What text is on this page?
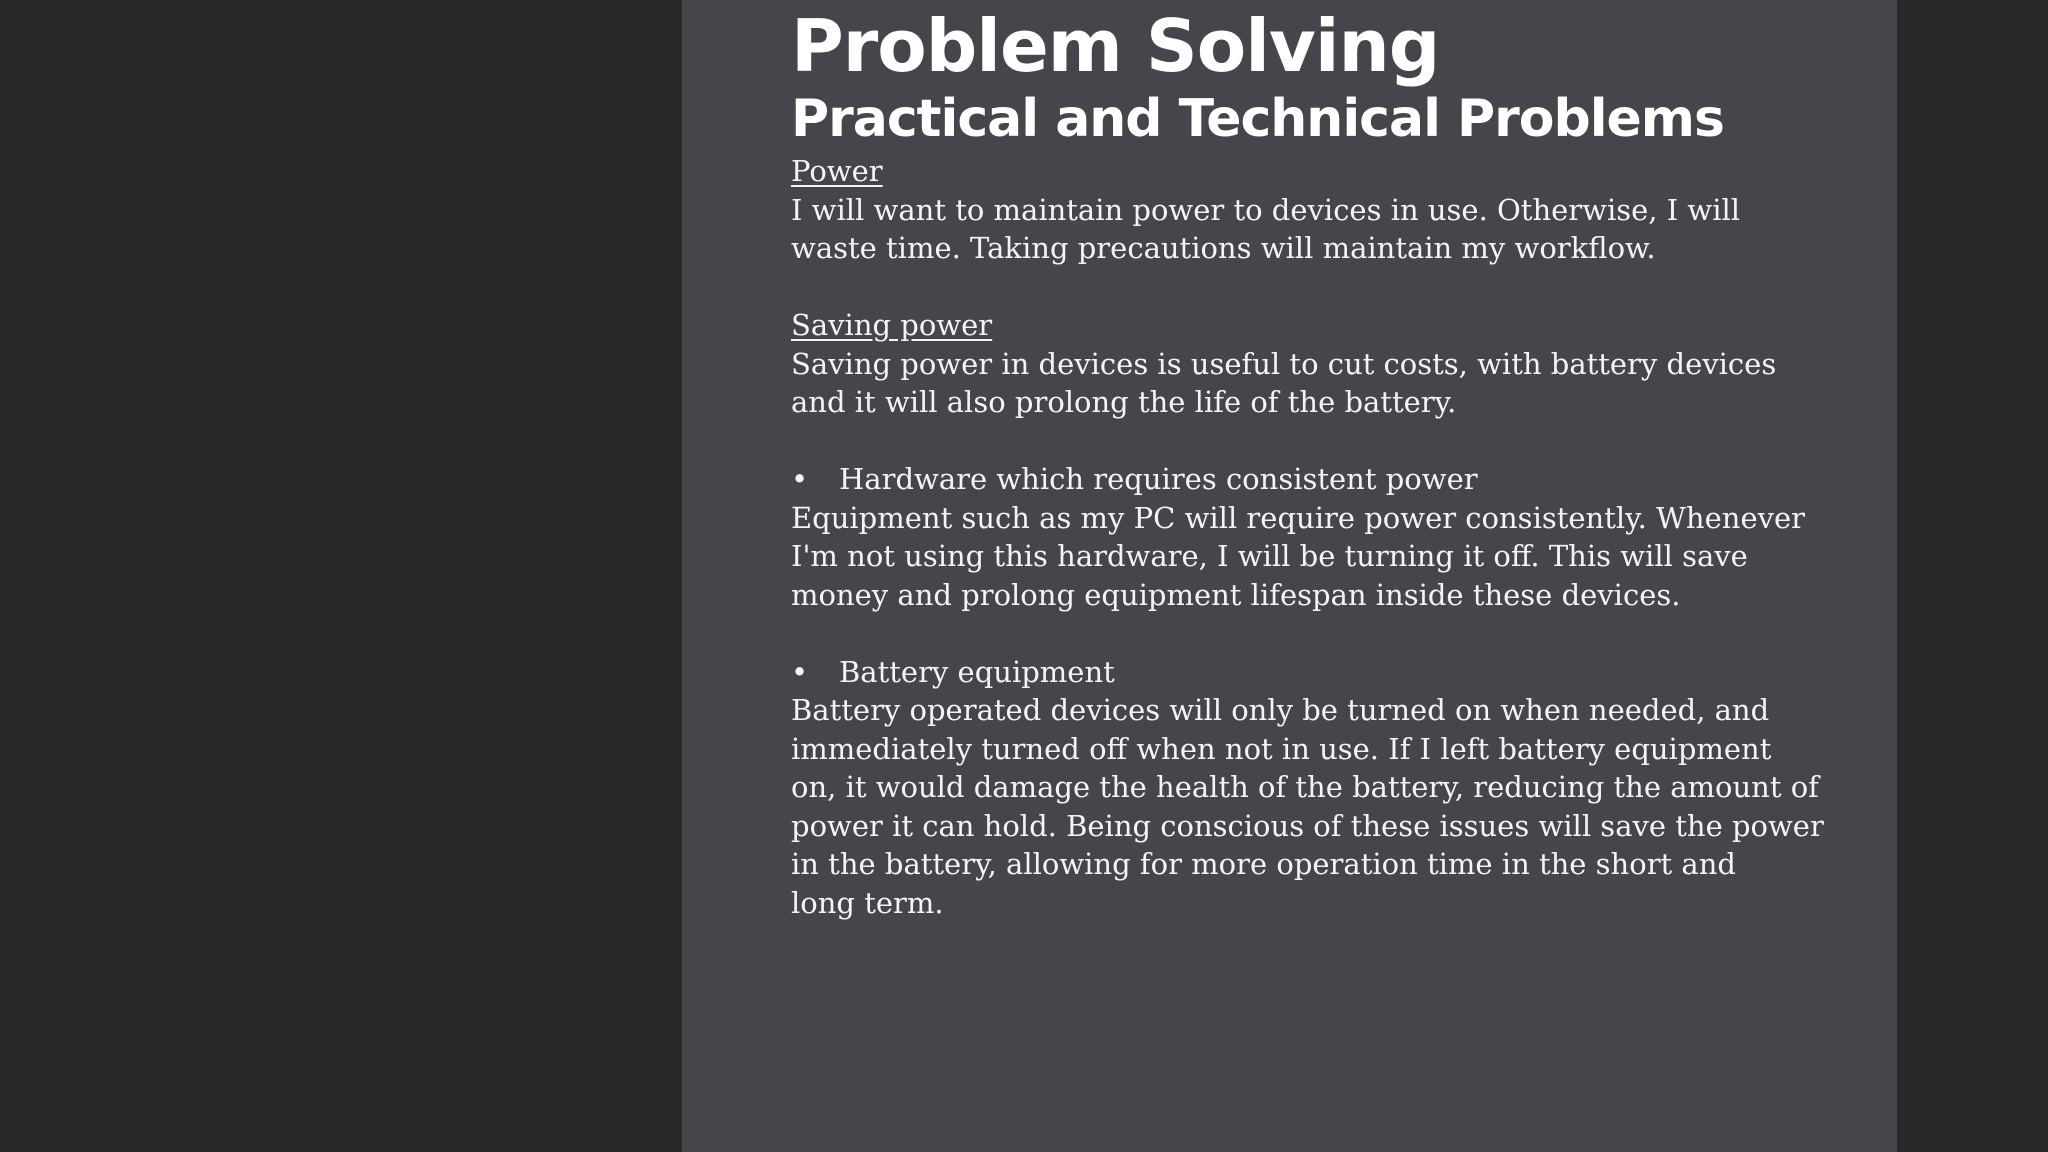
Problem Solving
Practical and Technical Problems

Power

I will want to maintain power to devices in use. Otherwise, I will

waste time. Taking precautions will maintain my workflow.

Saving power

Saving power in devices is useful to cut costs, with battery devices

and it will also prolong the life of the battery.

•	Hardware which requires consistent power

Equipment such as my PC will require power consistently. Whenever

I'm not using this hardware, I will be turning it off. This will save

money and prolong equipment lifespan inside these devices.

•	Battery equipment

Battery operated devices will only be turned on when needed, and

immediately turned off when not in use. If I left battery equipment

on, it would damage the health of the battery, reducing the amount of

power it can hold. Being conscious of these issues will save the power

in the battery, allowing for more operation time in the short and

long term.
